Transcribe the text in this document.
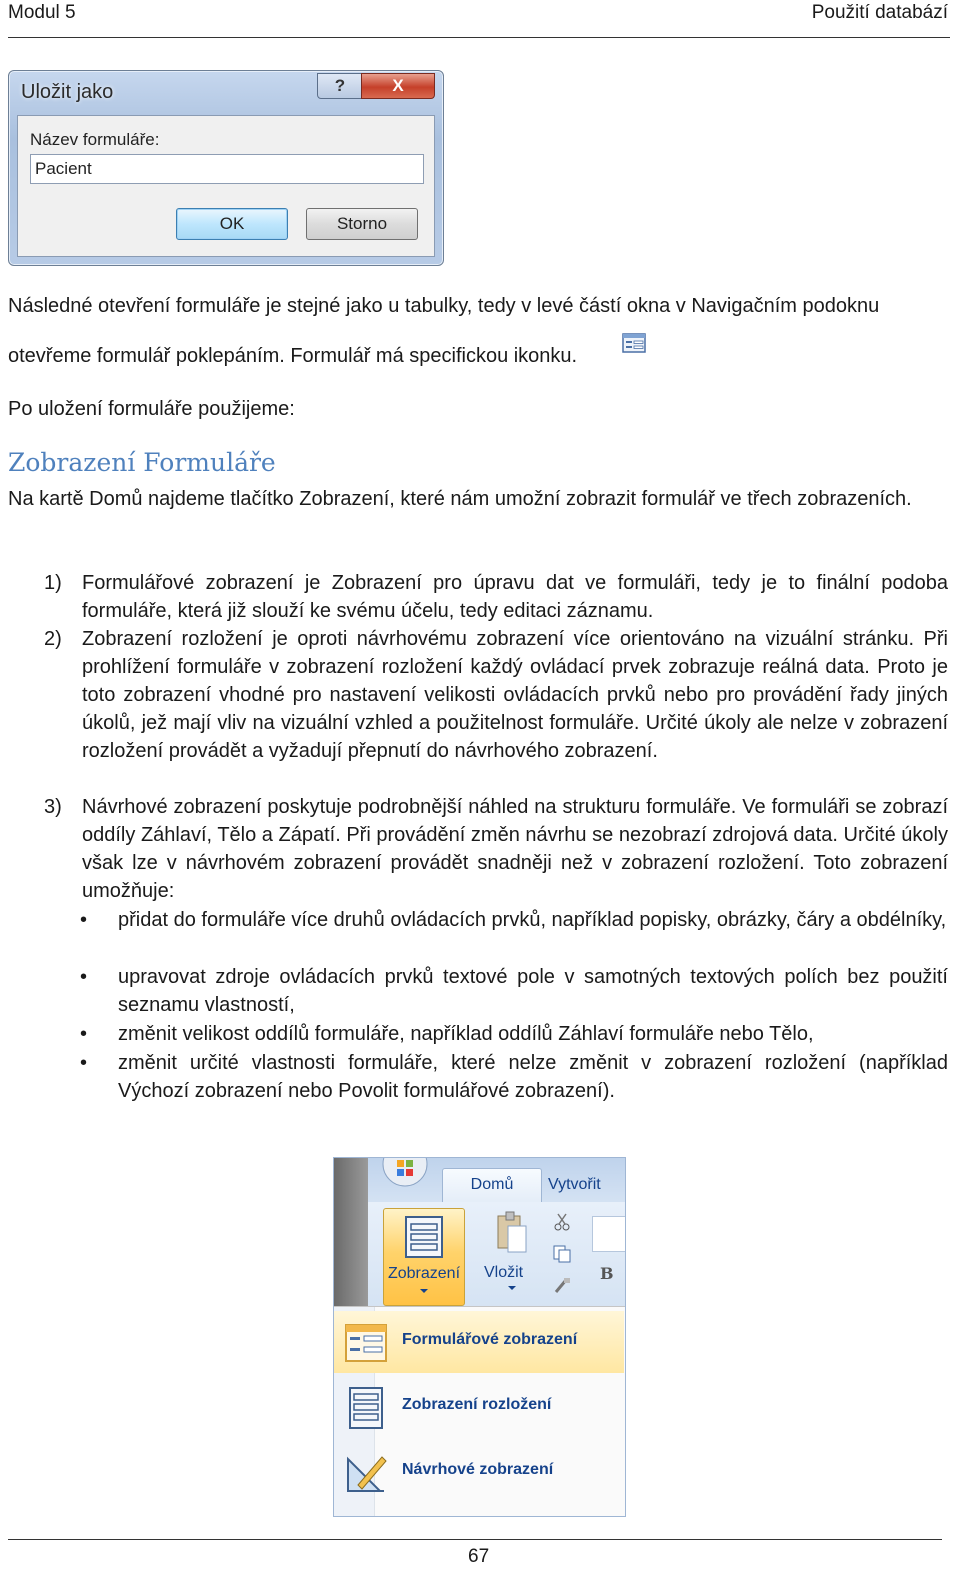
Modul 5	Použití databází
Uložit jako	?	X
Název formuláře:
Pacient
OK	Storno
Následné otevření formuláře je stejné jako u tabulky, tedy v levé částí okna v Navigačním podoknu
otevřeme formulář poklepáním. Formulář má specifickou ikonku.
Po uložení formuláře použijeme:
Zobrazení Formuláře
Na kartě Domů najdeme tlačítko Zobrazení, které nám umožní zobrazit formulář ve třech zobrazeních.
1) Formulářové zobrazení je Zobrazení pro úpravu dat ve formuláři, tedy je to finální podoba formuláře, která již slouží ke svému účelu, tedy editaci záznamu.
2) Zobrazení rozložení je oproti návrhovému zobrazení více orientováno na vizuální stránku. Při prohlížení formuláře v zobrazení rozložení každý ovládací prvek zobrazuje reálná data. Proto je toto zobrazení vhodné pro nastavení velikosti ovládacích prvků nebo pro provádění řady jiných úkolů, jež mají vliv na vizuální vzhled a použitelnost formuláře. Určité úkoly ale nelze v zobrazení rozložení provádět a vyžadují přepnutí do návrhového zobrazení.
3) Návrhové zobrazení poskytuje podrobnější náhled na strukturu formuláře. Ve formuláři se zobrazí oddíly Záhlaví, Tělo a Zápatí. Při provádění změn návrhu se nezobrazí zdrojová data. Určité úkoly však lze v návrhovém zobrazení provádět snadněji než v zobrazení rozložení. Toto zobrazení umožňuje:
• přidat do formuláře více druhů ovládacích prvků, například popisky, obrázky, čáry a obdélníky,
• upravovat zdroje ovládacích prvků textové pole v samotných textových polích bez použití seznamu vlastností,
• změnit velikost oddílů formuláře, například oddílů Záhlaví formuláře nebo Tělo,
• změnit určité vlastnosti formuláře, které nelze změnit v zobrazení rozložení (například Výchozí zobrazení nebo Povolit formulářové zobrazení).
Domů	Vytvořit
Zobrazení Vložit	B
Formulářové zobrazení
Zobrazení rozložení
Návrhové zobrazení
67
